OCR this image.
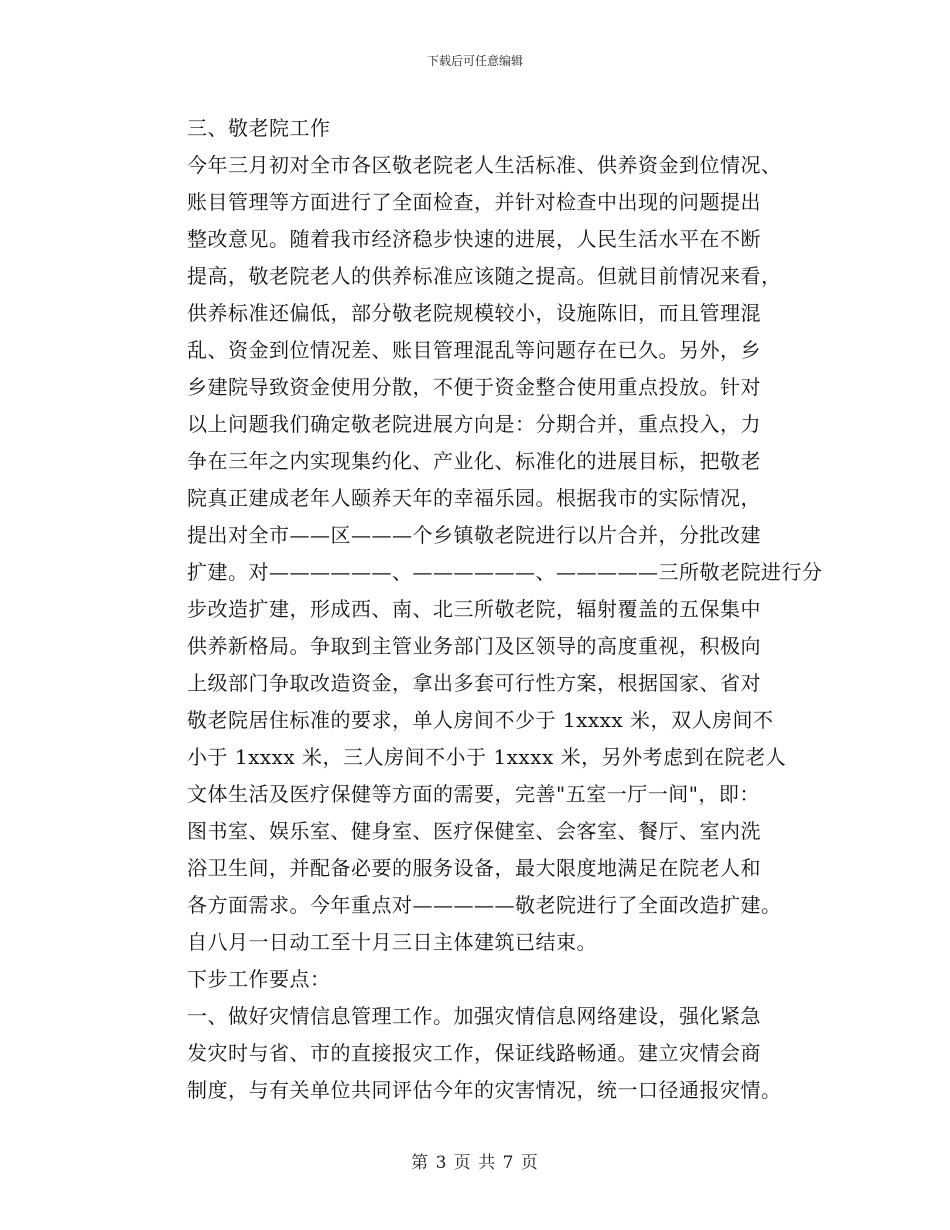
下载后可任意编辑
三、敬老院工作
今年三月初对全市各区敬老院老人生活标准、供养资金到位情况、
账目管理等方面进行了全面检查，并针对检查中出现的问题提出
整改意见。随着我市经济稳步快速的进展，人民生活水平在不断
提高，敬老院老人的供养标准应该随之提高。但就目前情况来看，
供养标准还偏低，部分敬老院规模较小，设施陈旧，而且管理混
乱、资金到位情况差、账目管理混乱等问题存在已久。另外，乡
乡建院导致资金使用分散，不便于资金整合使用重点投放。针对
以上问题我们确定敬老院进展方向是：分期合并，重点投入，力
争在三年之内实现集约化、产业化、标准化的进展目标，把敬老
院真正建成老年人颐养天年的幸福乐园。根据我市的实际情况，
提出对全市——区———个乡镇敬老院进行以片合并，分批改建
扩建。对——————、——————、—————三所敬老院进行分
步改造扩建，形成西、南、北三所敬老院，辐射覆盖的五保集中
供养新格局。争取到主管业务部门及区领导的高度重视，积极向
上级部门争取改造资金，拿出多套可行性方案，根据国家、省对
敬老院居住标准的要求，单人房间不少于 1xxxx 米，双人房间不
小于 1xxxx 米，三人房间不小于 1xxxx 米，另外考虑到在院老人
文体生活及医疗保健等方面的需要，完善"五室一厅一间"，即：
图书室、娱乐室、健身室、医疗保健室、会客室、餐厅、室内洗
浴卫生间，并配备必要的服务设备，最大限度地满足在院老人和
各方面需求。今年重点对—————敬老院进行了全面改造扩建。
自八月一日动工至十月三日主体建筑已结束。
下步工作要点：
一、做好灾情信息管理工作。加强灾情信息网络建设，强化紧急
发灾时与省、市的直接报灾工作，保证线路畅通。建立灾情会商
制度，与有关单位共同评估今年的灾害情况，统一口径通报灾情。
第 3 页 共 7 页
